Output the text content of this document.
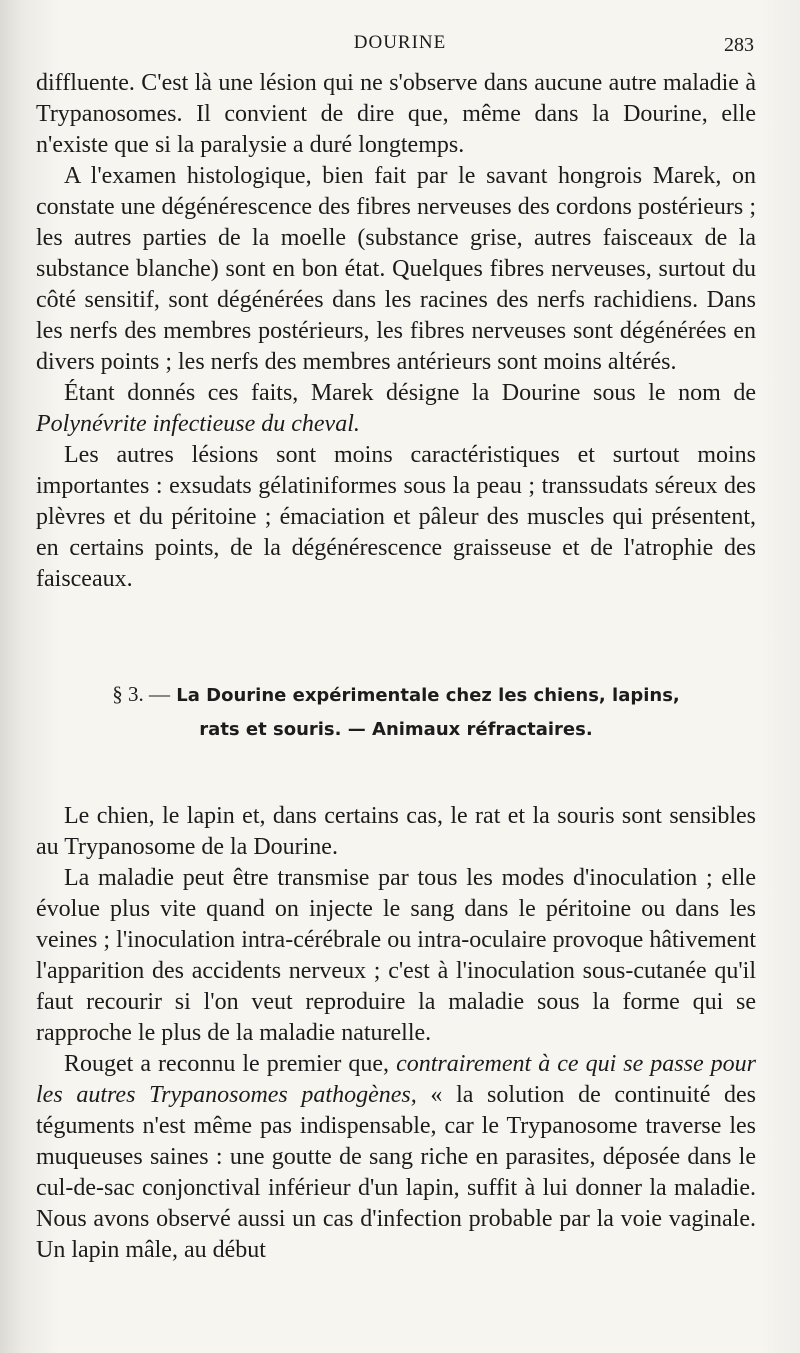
DOURINE	283

diffluente. C'est là une lésion qui ne s'observe dans aucune autre maladie à Trypanosomes. Il convient de dire que, même dans la Dourine, elle n'existe que si la paralysie a duré longtemps.

A l'examen histologique, bien fait par le savant hongrois Marek, on constate une dégénérescence des fibres nerveuses des cordons postérieurs ; les autres parties de la moelle (substance grise, autres faisceaux de la substance blanche) sont en bon état. Quelques fibres nerveuses, surtout du côté sensitif, sont dégénérées dans les racines des nerfs rachidiens. Dans les nerfs des membres postérieurs, les fibres nerveuses sont dégénérées en divers points ; les nerfs des membres antérieurs sont moins altérés.

Étant donnés ces faits, Marek désigne la Dourine sous le nom de Polynévrite infectieuse du cheval.

Les autres lésions sont moins caractéristiques et surtout moins importantes : exsudats gélatiniformes sous la peau ; transsudats séreux des plèvres et du péritoine ; émaciation et pâleur des muscles qui présentent, en certains points, de la dégénérescence graisseuse et de l'atrophie des faisceaux.

§ 3. — La Dourine expérimentale chez les chiens, lapins,
rats et souris. — Animaux réfractaires.

Le chien, le lapin et, dans certains cas, le rat et la souris sont sensibles au Trypanosome de la Dourine.

La maladie peut être transmise par tous les modes d'inoculation ; elle évolue plus vite quand on injecte le sang dans le péritoine ou dans les veines ; l'inoculation intra-cérébrale ou intra-oculaire provoque hâtivement l'apparition des accidents nerveux ; c'est à l'inoculation sous-cutanée qu'il faut recourir si l'on veut reproduire la maladie sous la forme qui se rapproche le plus de la maladie naturelle.

Rouget a reconnu le premier que, contrairement à ce qui se passe pour les autres Trypanosomes pathogènes, « la solution de continuité des téguments n'est même pas indispensable, car le Trypanosome traverse les muqueuses saines : une goutte de sang riche en parasites, déposée dans le cul-de-sac conjonctival inférieur d'un lapin, suffit à lui donner la maladie. Nous avons observé aussi un cas d'infection probable par la voie vaginale. Un lapin mâle, au début
